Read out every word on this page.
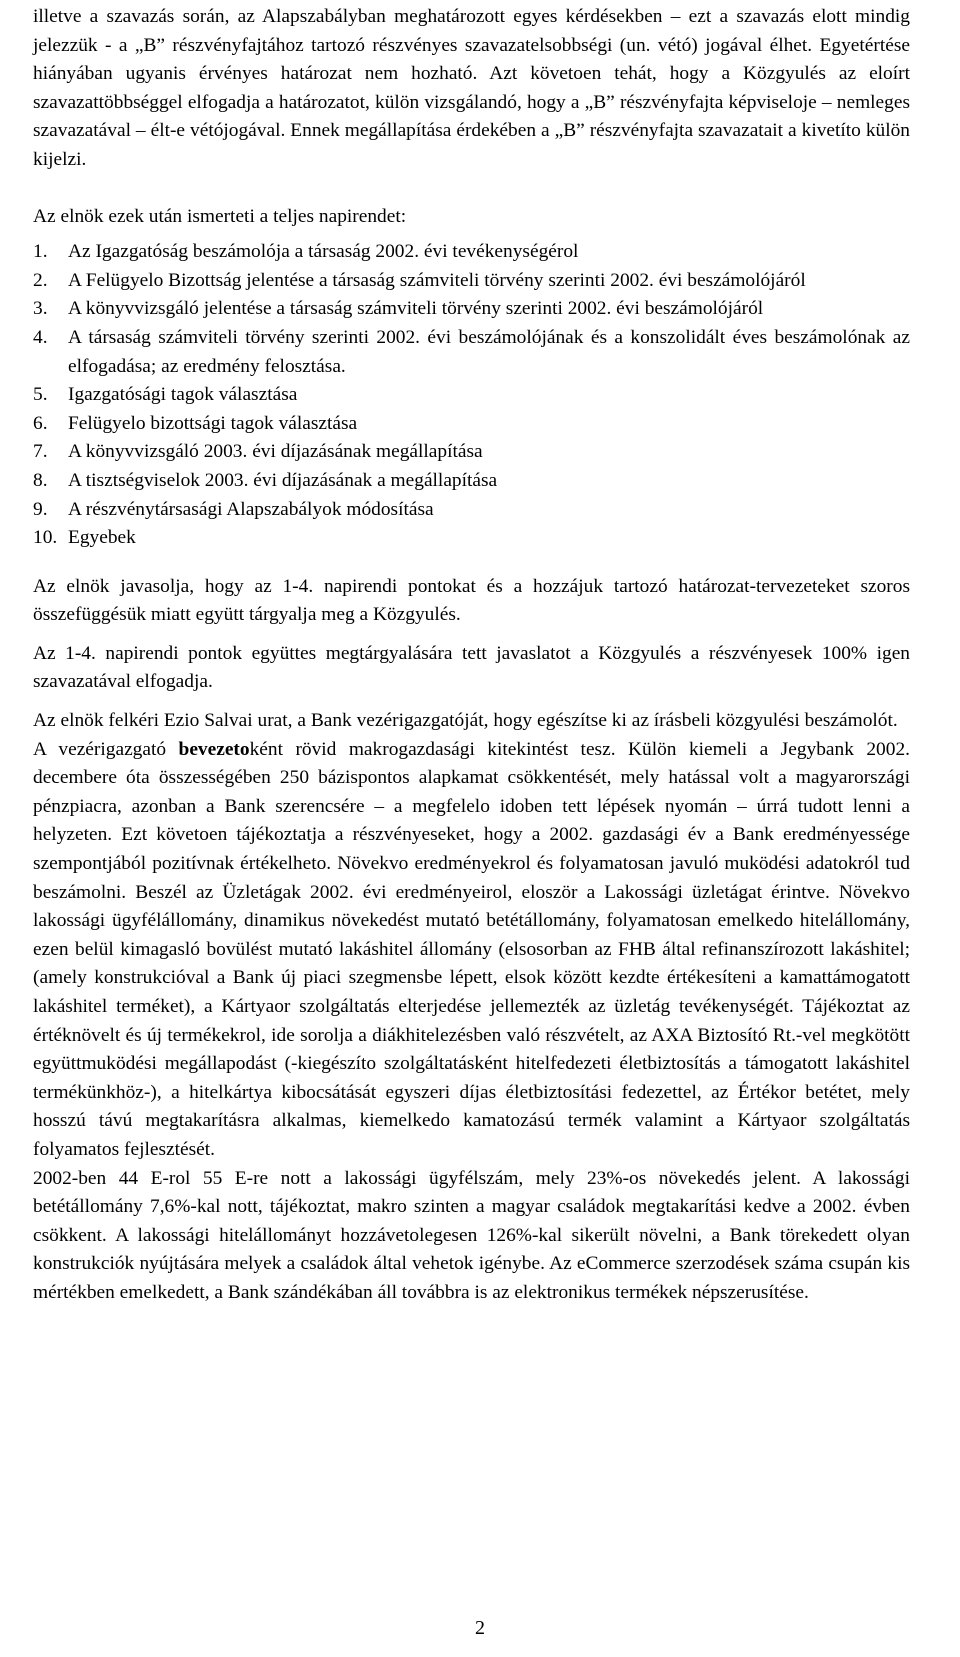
illetve a szavazás során, az Alapszabályban meghatározott egyes kérdésekben – ezt a szavazás elott mindig jelezzük - a „B” részvényfajtához tartozó részvényes szavazatelsobbségi (un. vétó) jogával élhet. Egyetértése hiányában ugyanis érvényes határozat nem hozható. Azt követoen tehát, hogy a Közgyulés az eloírt szavazattöbbséggel elfogadja a határozatot, külön vizsgálandó, hogy a „B” részvényfajta képviseloje – nemleges szavazatával – élt-e vétójogával. Ennek megállapítása érdekében a „B” részvényfajta szavazatait a kivetíto külön kijelzi.

Az elnök ezek után ismerteti a teljes napirendet:

1.	Az Igazgatóság beszámolója a társaság 2002. évi tevékenységérol
2.	A Felügyelo Bizottság jelentése a társaság számviteli törvény szerinti 2002. évi beszámolójáról
3.	A könyvvizsgáló jelentése a társaság számviteli törvény szerinti 2002. évi beszámolójáról
4.	A társaság számviteli törvény szerinti 2002. évi beszámolójának és a konszolidált éves beszámolónak az elfogadása; az eredmény felosztása.
5.	Igazgatósági tagok választása
6.	Felügyelo bizottsági tagok választása
7.	A könyvvizsgáló 2003. évi díjazásának megállapítása
8.	A tisztségviselok 2003. évi díjazásának a megállapítása
9.	A részvénytársasági Alapszabályok módosítása
10. Egyebek

Az elnök javasolja, hogy az 1-4. napirendi pontokat és a hozzájuk tartozó határozat-tervezeteket szoros összefüggésük miatt együtt tárgyalja meg a Közgyulés.

Az 1-4. napirendi pontok együttes megtárgyalására tett javaslatot a Közgyulés a részvényesek 100% igen szavazatával elfogadja.

Az elnök felkéri Ezio Salvai urat, a Bank vezérigazgatóját, hogy egészítse ki az írásbeli közgyulési beszámolót.

A vezérigazgató bevezetoként rövid makrogazdasági kitekintést tesz. Külön kiemeli a Jegybank 2002. decembere óta összességében 250 bázispontos alapkamat csökkentését, mely hatással volt a magyarországi pénzpiacra, azonban a Bank szerencsére – a megfelelo idoben tett lépések nyomán – úrrá tudott lenni a helyzeten. Ezt követoen tájékoztatja a részvényeseket, hogy a 2002. gazdasági év a Bank eredményessége szempontjából pozitívnak értékelheto. Növekvo eredményekrol és folyamatosan javuló muködési adatokról tud beszámolni. Beszél az Üzletágak 2002. évi eredményeirol, eloször a Lakossági üzletágat érintve. Növekvo lakossági ügyfélállomány, dinamikus növekedést mutató betétállomány, folyamatosan emelkedo hitelállomány, ezen belül kimagasló bovülést mutató lakáshitel állomány (elsosorban az FHB által refinanszírozott lakáshitel; (amely konstrukcióval a Bank új piaci szegmensbe lépett, elsok között kezdte értékesíteni a kamattámogatott lakáshitel terméket), a Kártyaor szolgáltatás elterjedése jellemezték az üzletág tevékenységét. Tájékoztat az értéknövelt és új termékekrol, ide sorolja a diákhitelezésben való részvételt, az AXA Biztosító Rt.-vel megkötött együttmuködési megállapodást (-kiegészíto szolgáltatásként hitelfedezeti életbiztosítás a támogatott lakáshitel termékünkhöz-), a hitelkártya kibocsátását egyszeri díjas életbiztosítási fedezettel, az Értékor betétet, mely hosszú távú megtakarításra alkalmas, kiemelkedo kamatozású termék valamint a Kártyaor szolgáltatás folyamatos fejlesztését.

2002-ben 44 E-rol 55 E-re nott a lakossági ügyfélszám, mely 23%-os növekedés jelent. A lakossági betétállomány 7,6%-kal nott, tájékoztat, makro szinten a magyar családok megtakarítási kedve a 2002. évben csökkent. A lakossági hitelállományt hozzávetolegesen 126%-kal sikerült növelni, a Bank törekedett olyan konstrukciók nyújtására melyek a családok által vehetok igénybe. Az eCommerce szerzodések száma csupán kis mértékben emelkedett, a Bank szándékában áll továbbra is az elektronikus termékek népszerusítése.

2
